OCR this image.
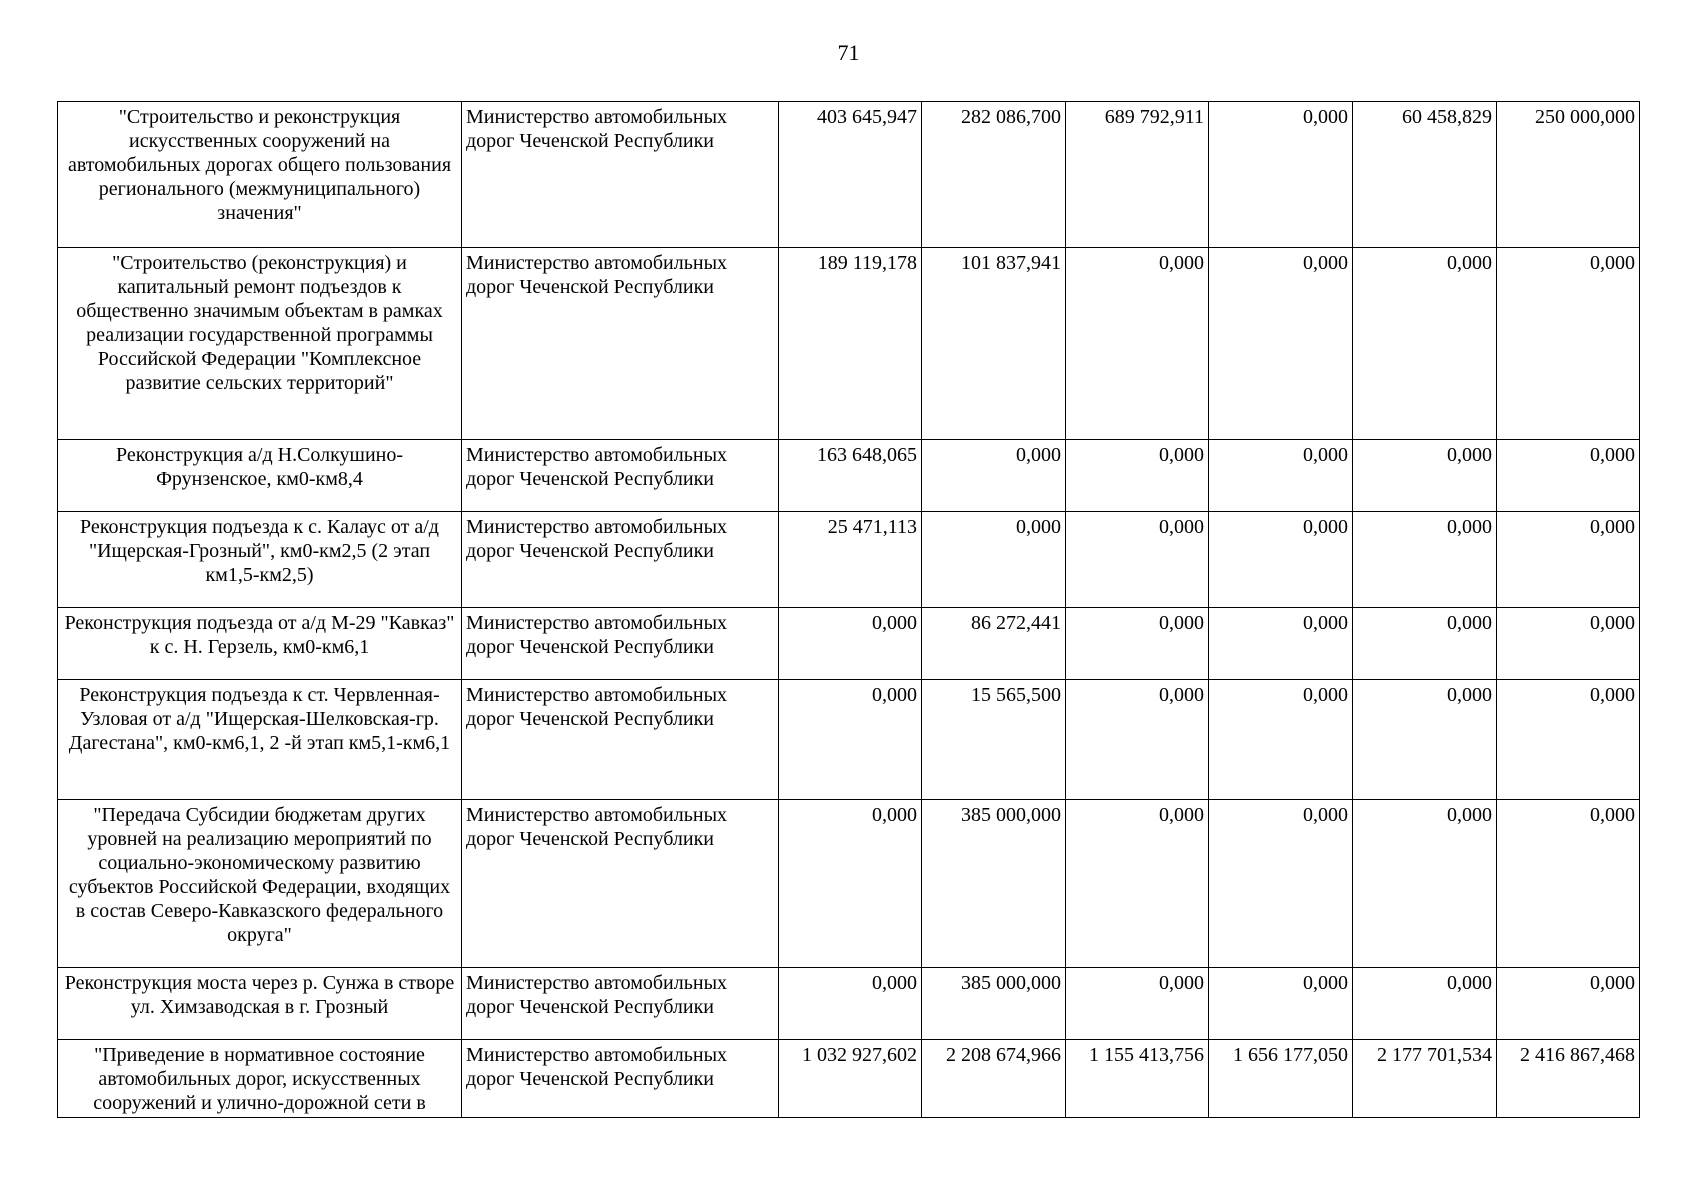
71
"Строительство и реконструкция искусственных сооружений на автомобильных дорогах общего пользования регионального (межмуниципального) значения"	Министерство автомобильных дорог Чеченской Республики	403 645,947	282 086,700	689 792,911	0,000	60 458,829	250 000,000
"Строительство (реконструкция) и капитальный ремонт подъездов к общественно значимым объектам в рамках реализации государственной программы Российской Федерации "Комплексное развитие сельских территорий"	Министерство автомобильных дорог Чеченской Республики	189 119,178	101 837,941	0,000	0,000	0,000	0,000
Реконструкция а/д Н.Солкушино-Фрунзенское, км0-км8,4	Министерство автомобильных дорог Чеченской Республики	163 648,065	0,000	0,000	0,000	0,000	0,000
Реконструкция подъезда к с. Калаус от а/д "Ищерская-Грозный", км0-км2,5 (2 этап км1,5-км2,5)	Министерство автомобильных дорог Чеченской Республики	25 471,113	0,000	0,000	0,000	0,000	0,000
Реконструкция подъезда от а/д М-29 "Кавказ" к с. Н. Герзель, км0-км6,1	Министерство автомобильных дорог Чеченской Республики	0,000	86 272,441	0,000	0,000	0,000	0,000
Реконструкция подъезда к ст. Червленная-Узловая от а/д "Ищерская-Шелковская-гр. Дагестана", км0-км6,1, 2 -й этап км5,1-км6,1	Министерство автомобильных дорог Чеченской Республики	0,000	15 565,500	0,000	0,000	0,000	0,000
"Передача Субсидии бюджетам других уровней на реализацию мероприятий по социально-экономическому развитию субъектов Российской Федерации, входящих в состав Северо-Кавказского федерального округа"	Министерство автомобильных дорог Чеченской Республики	0,000	385 000,000	0,000	0,000	0,000	0,000
Реконструкция моста через р. Сунжа в створе ул. Химзаводская в г. Грозный	Министерство автомобильных дорог Чеченской Республики	0,000	385 000,000	0,000	0,000	0,000	0,000
"Приведение в нормативное состояние автомобильных дорог, искусственных сооружений и улично-дорожной сети в	Министерство автомобильных дорог Чеченской Республики	1 032 927,602	2 208 674,966	1 155 413,756	1 656 177,050	2 177 701,534	2 416 867,468
